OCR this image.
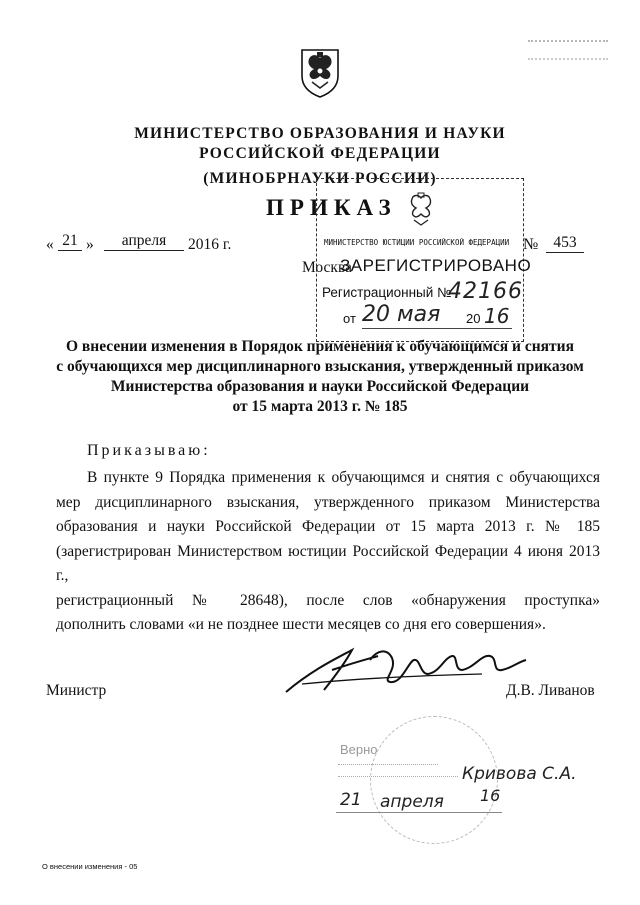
МИНИСТЕРСТВО ОБРАЗОВАНИЯ И НАУКИ
РОССИЙСКОЙ ФЕДЕРАЦИИ
(МИНОБРНАУКИ РОССИИ)
ПРИКАЗ
« 21 »	апреля	2016 г.	№ 453
Москва
МИНИСТЕРСТВО ЮСТИЦИИ РОССИЙСКОЙ ФЕДЕРАЦИИ
ЗАРЕГИСТРИРОВАНО
Регистрационный №
42166
от 20 мая 20 16
О внесении изменения в Порядок применения к обучающимся и снятия
с обучающихся мер дисциплинарного взыскания, утвержденный приказом
Министерства образования и науки Российской Федерации
от 15 марта 2013 г. № 185
Приказываю:
В пункте 9 Порядка применения к обучающимся и снятия с обучающихся
мер дисциплинарного взыскания, утвержденного приказом Министерства
образования и науки Российской Федерации от 15 марта 2013 г. № 185
(зарегистрирован Министерством юстиции Российской Федерации 4 июня 2013 г.,
регистрационный № 28648), после слов «обнаружения проступка»
дополнить словами «и не позднее шести месяцев со дня его совершения».
Министр	Д.В. Ливанов
Верно
Кривова С.А.
21 апреля 16
О внесении изменения - 05
